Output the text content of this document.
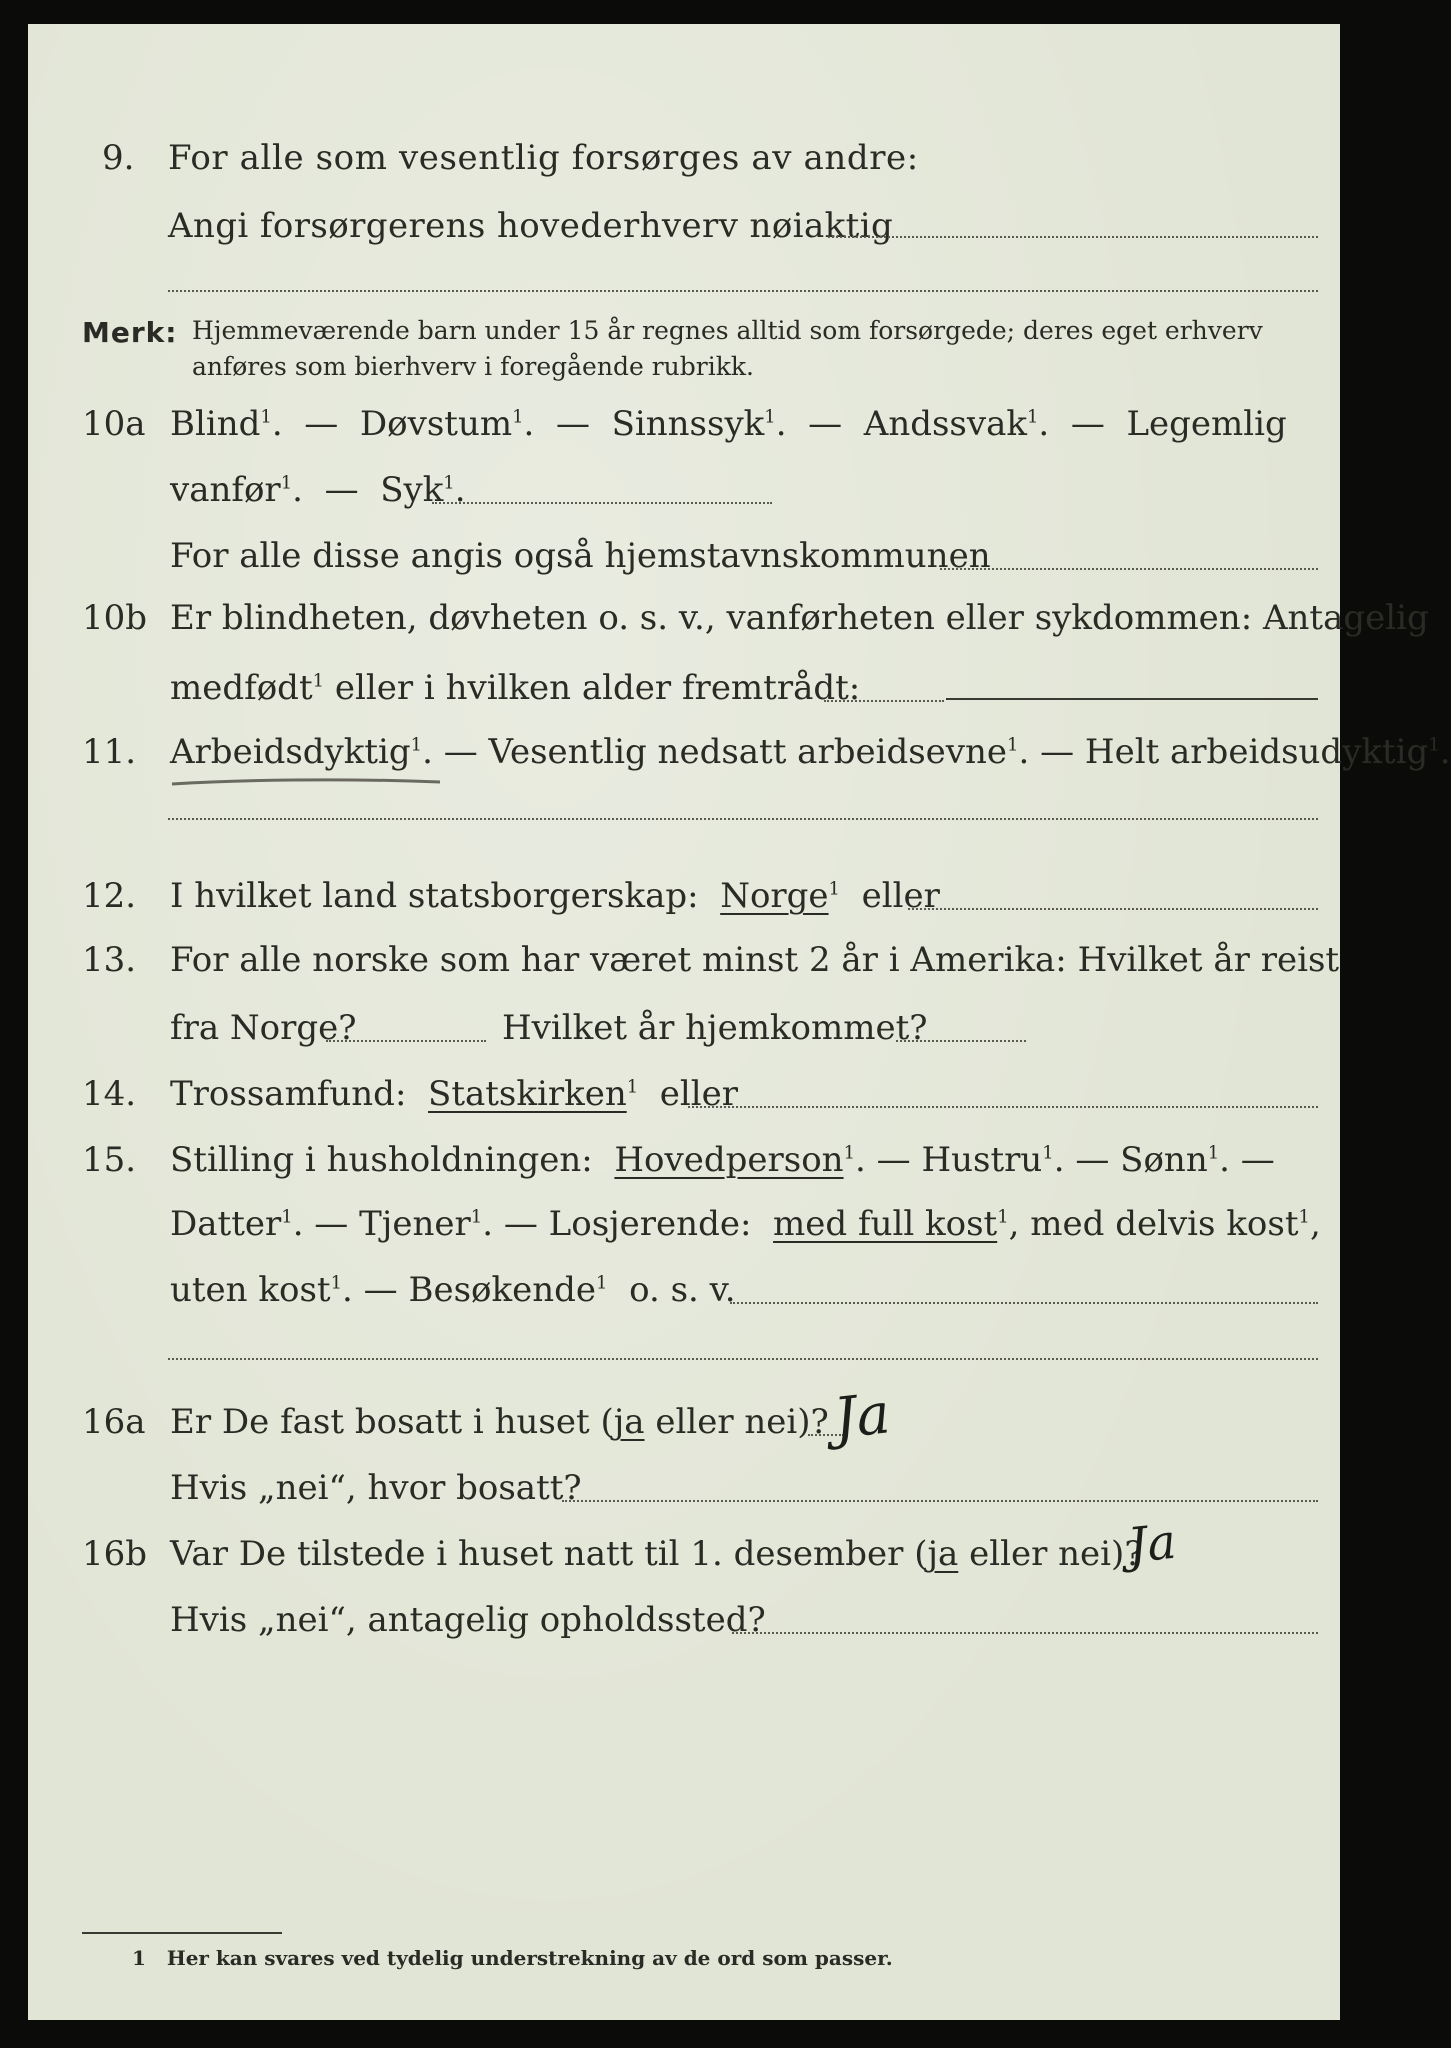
9. For alle som vesentlig forsørges av andre:
Angi forsørgerens hovederhverv nøiaktig
Merk: Hjemmeværende barn under 15 år regnes alltid som forsørgede; deres eget erhverv
anføres som bierhverv i foregående rubrikk.
10a Blind$^1$.  —  Døvstum$^1$.  —  Sinnssyk$^1$.  —  Andssvak$^1$.  —  Legemlig
vanfør$^1$.  —  Syk$^1$.
For alle disse angis også hjemstavnskommunen
10b Er blindheten, døvheten o. s. v., vanførheten eller sykdommen: Antagelig
medfødt$^1$ eller i hvilken alder fremtrådt:
11. Arbeidsdyktig$^1$. — Vesentlig nedsatt arbeidsevne$^1$. — Helt arbeidsudyktig$^1$.
12. I hvilket land statsborgerskap: Norge$^1$ eller
13. For alle norske som har været minst 2 år i Amerika: Hvilket år reist
fra Norge?	Hvilket år hjemkommet?
14. Trossamfund: Statskirken$^1$ eller
15. Stilling i husholdningen: Hovedperson$^1$. — Hustru$^1$. — Sønn$^1$. —
Datter$^1$. — Tjener$^1$. — Losjerende: med full kost$^1$, med delvis kost$^1$,
uten kost$^1$. — Besøkende$^1$ o. s. v.
16a Er De fast bosatt i huset (ja eller nei)? Ja
Hvis „nei“, hvor bosatt?
16b Var De tilstede i huset natt til 1. desember (ja eller nei)?
Ja
Hvis „nei“, antagelig opholdssted?
1 Her kan svares ved tydelig understrekning av de ord som passer.
